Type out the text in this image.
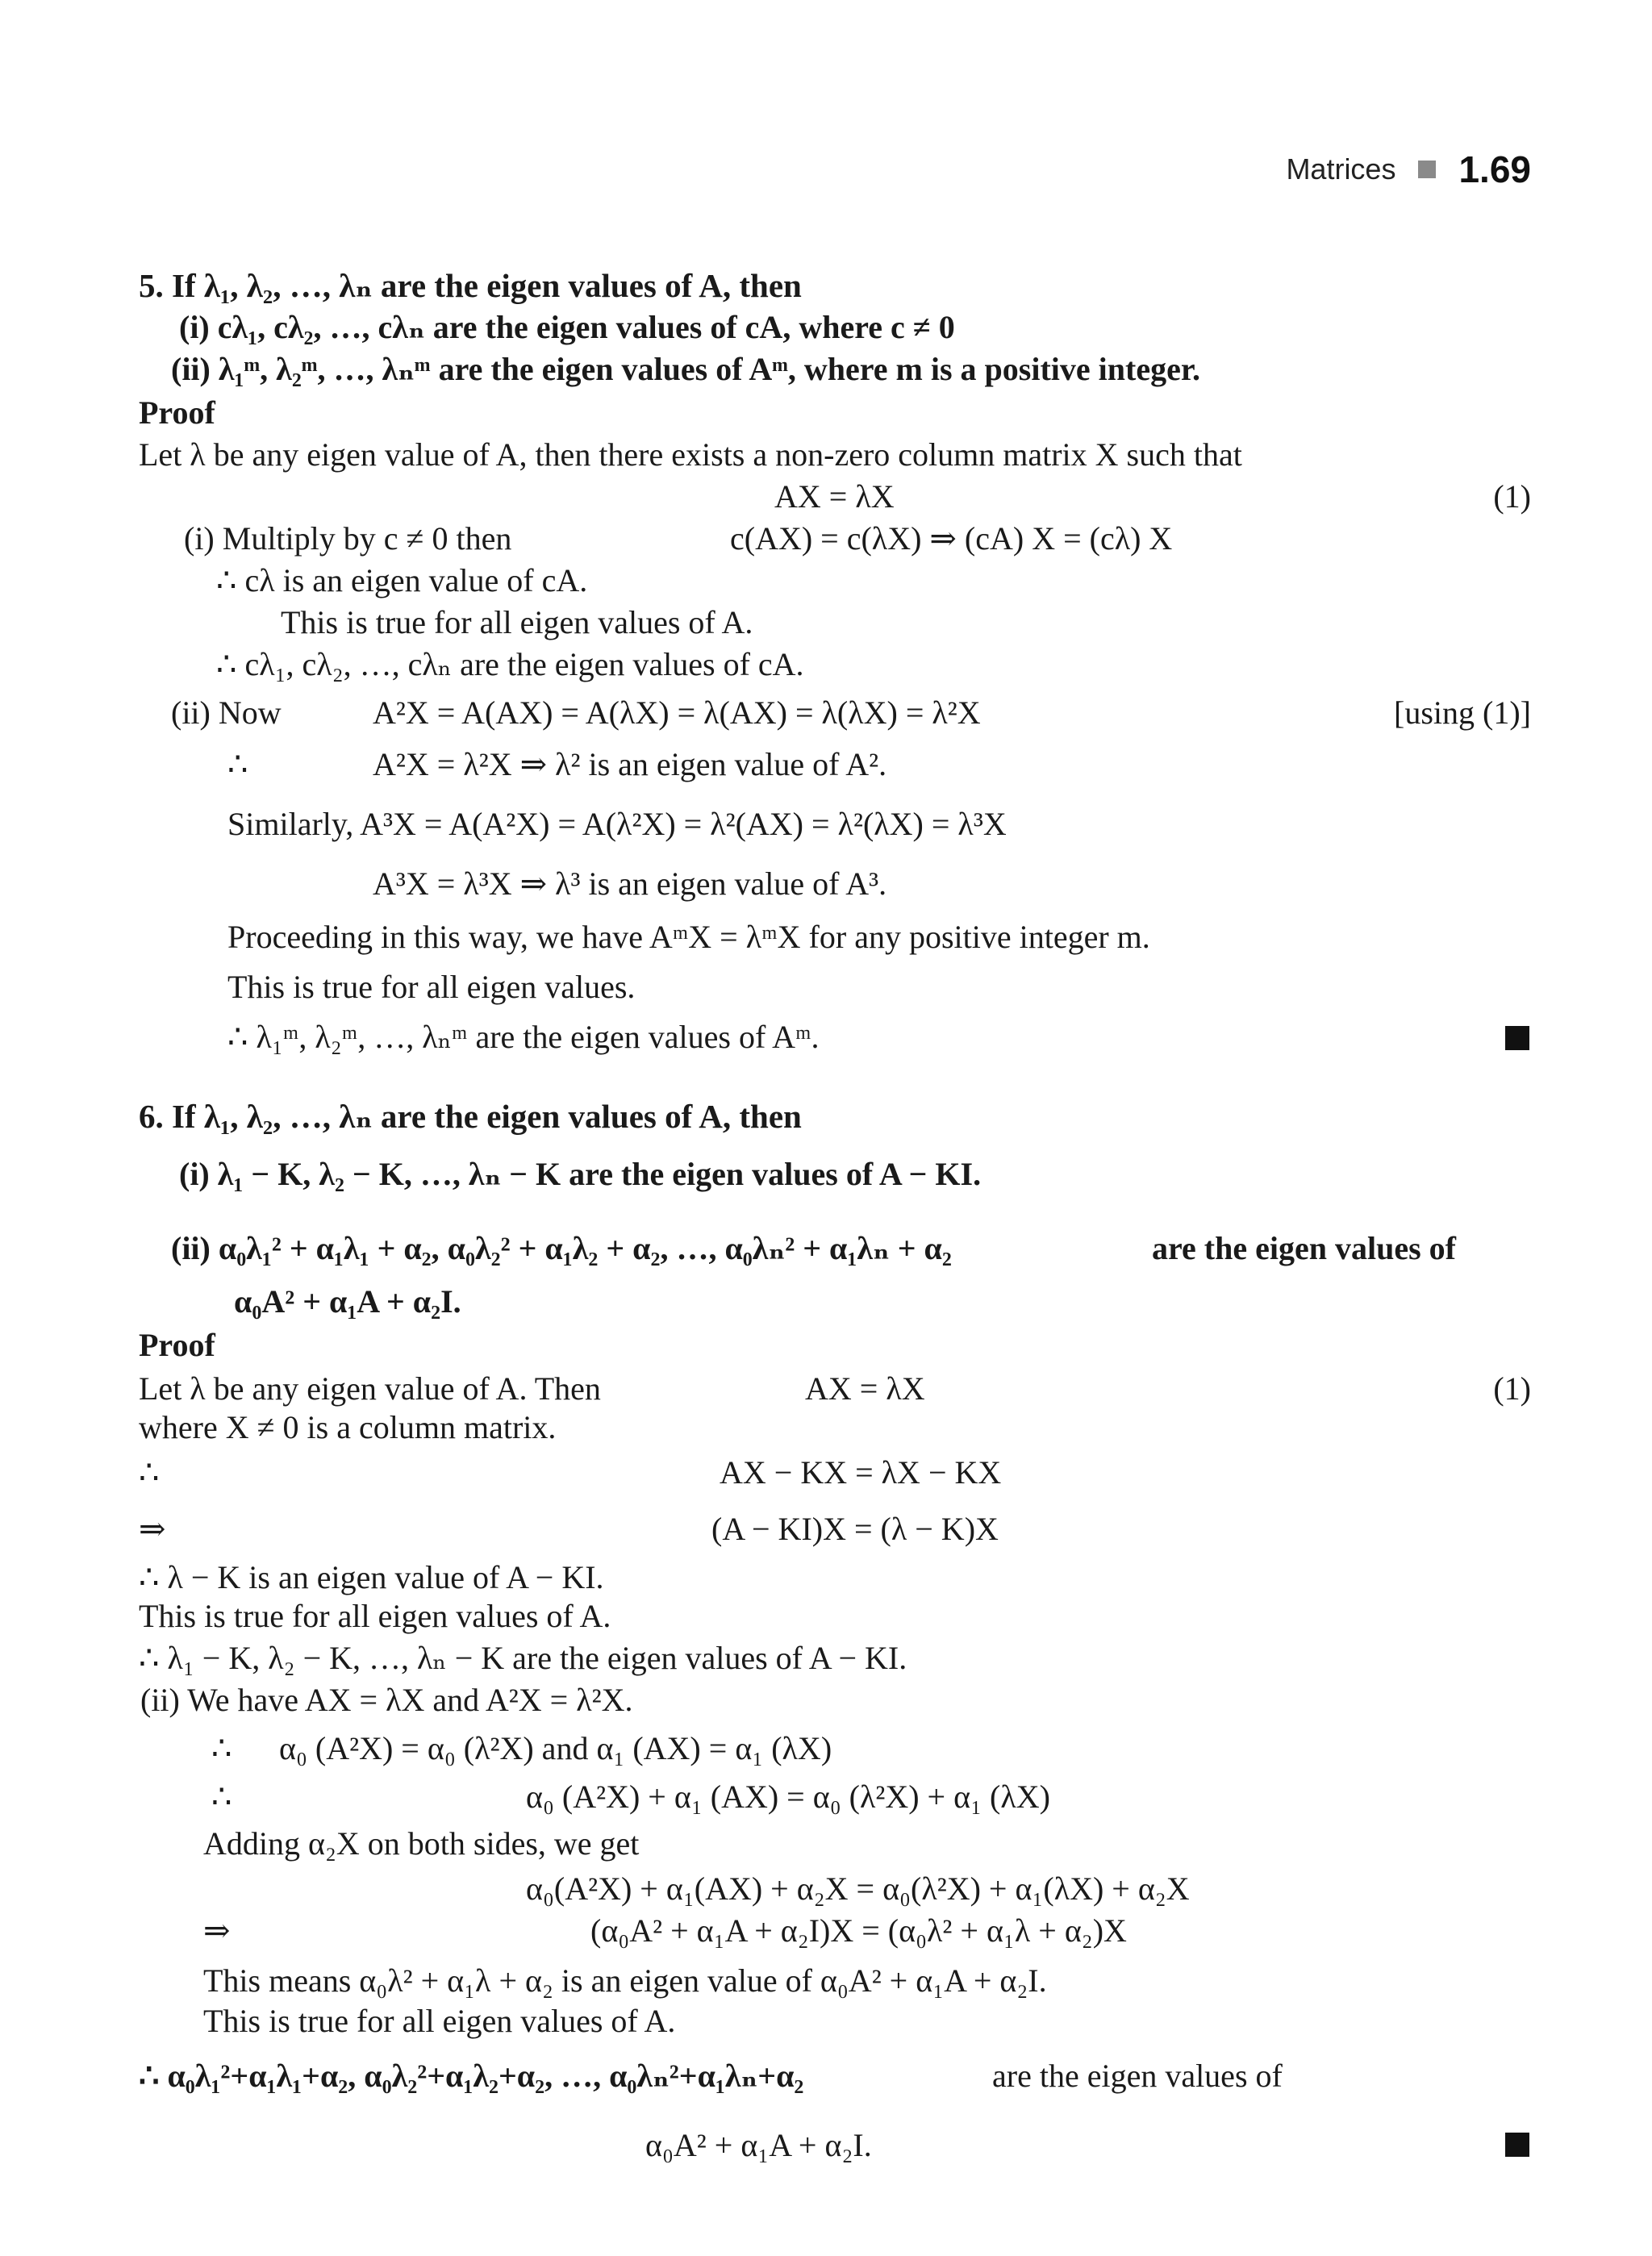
Matrices 1.69
5. If λ₁, λ₂, …, λₙ are the eigen values of A, then
(i) cλ₁, cλ₂, …, cλₙ are the eigen values of cA, where c ≠ 0
(ii) λ₁ᵐ, λ₂ᵐ, …, λₙᵐ are the eigen values of Aᵐ, where m is a positive integer.
Proof
Let λ be any eigen value of A, then there exists a non-zero column matrix X such that
AX = λX	(1)
(i) Multiply by c ≠ 0 then	c(AX) = c(λX) ⇒ (cA) X = (cλ) X
∴ cλ is an eigen value of cA.
This is true for all eigen values of A.
∴ cλ₁, cλ₂, …, cλₙ are the eigen values of cA.
(ii) Now	A²X = A(AX) = A(λX) = λ(AX) = λ(λX) = λ²X	[using (1)]
∴	A²X = λ²X ⇒ λ² is an eigen value of A².
Similarly, A³X = A(A²X) = A(λ²X) = λ²(AX) = λ²(λX) = λ³X
A³X = λ³X ⇒ λ³ is an eigen value of A³.
Proceeding in this way, we have AᵐX = λᵐX for any positive integer m.
This is true for all eigen values.
∴ λ₁ᵐ, λ₂ᵐ, …, λₙᵐ are the eigen values of Aᵐ.
6. If λ₁, λ₂, …, λₙ are the eigen values of A, then
(i) λ₁ − K, λ₂ − K, …, λₙ − K are the eigen values of A − KI.
(ii) α₀λ₁² + α₁λ₁ + α₂, α₀λ₂² + α₁λ₂ + α₂, …, α₀λₙ² + α₁λₙ + α₂	are the eigen values of
α₀A² + α₁A + α₂I.
Proof
Let λ be any eigen value of A. Then	AX = λX	(1)
where X ≠ 0 is a column matrix.
∴	AX − KX = λX − KX
⇒	(A − KI)X = (λ − K)X
∴ λ − K is an eigen value of A − KI.
This is true for all eigen values of A.
∴ λ₁ − K, λ₂ − K, …, λₙ − K are the eigen values of A − KI.
(ii) We have AX = λX and A²X = λ²X.
∴ α₀ (A²X) = α₀ (λ²X) and α₁ (AX) = α₁ (λX)
∴	α₀ (A²X) + α₁ (AX) = α₀ (λ²X) + α₁ (λX)
Adding α₂X on both sides, we get
α₀(A²X) + α₁(AX) + α₂X = α₀(λ²X) + α₁(λX) + α₂X
⇒	(α₀A² + α₁A + α₂I)X = (α₀λ² + α₁λ + α₂)X
This means α₀λ² + α₁λ + α₂ is an eigen value of α₀A² + α₁A + α₂I.
This is true for all eigen values of A.
∴ α₀λ₁²+α₁λ₁+α₂, α₀λ₂²+α₁λ₂+α₂, …, α₀λₙ²+α₁λₙ+α₂	are the eigen values of
α₀A² + α₁A + α₂I.
